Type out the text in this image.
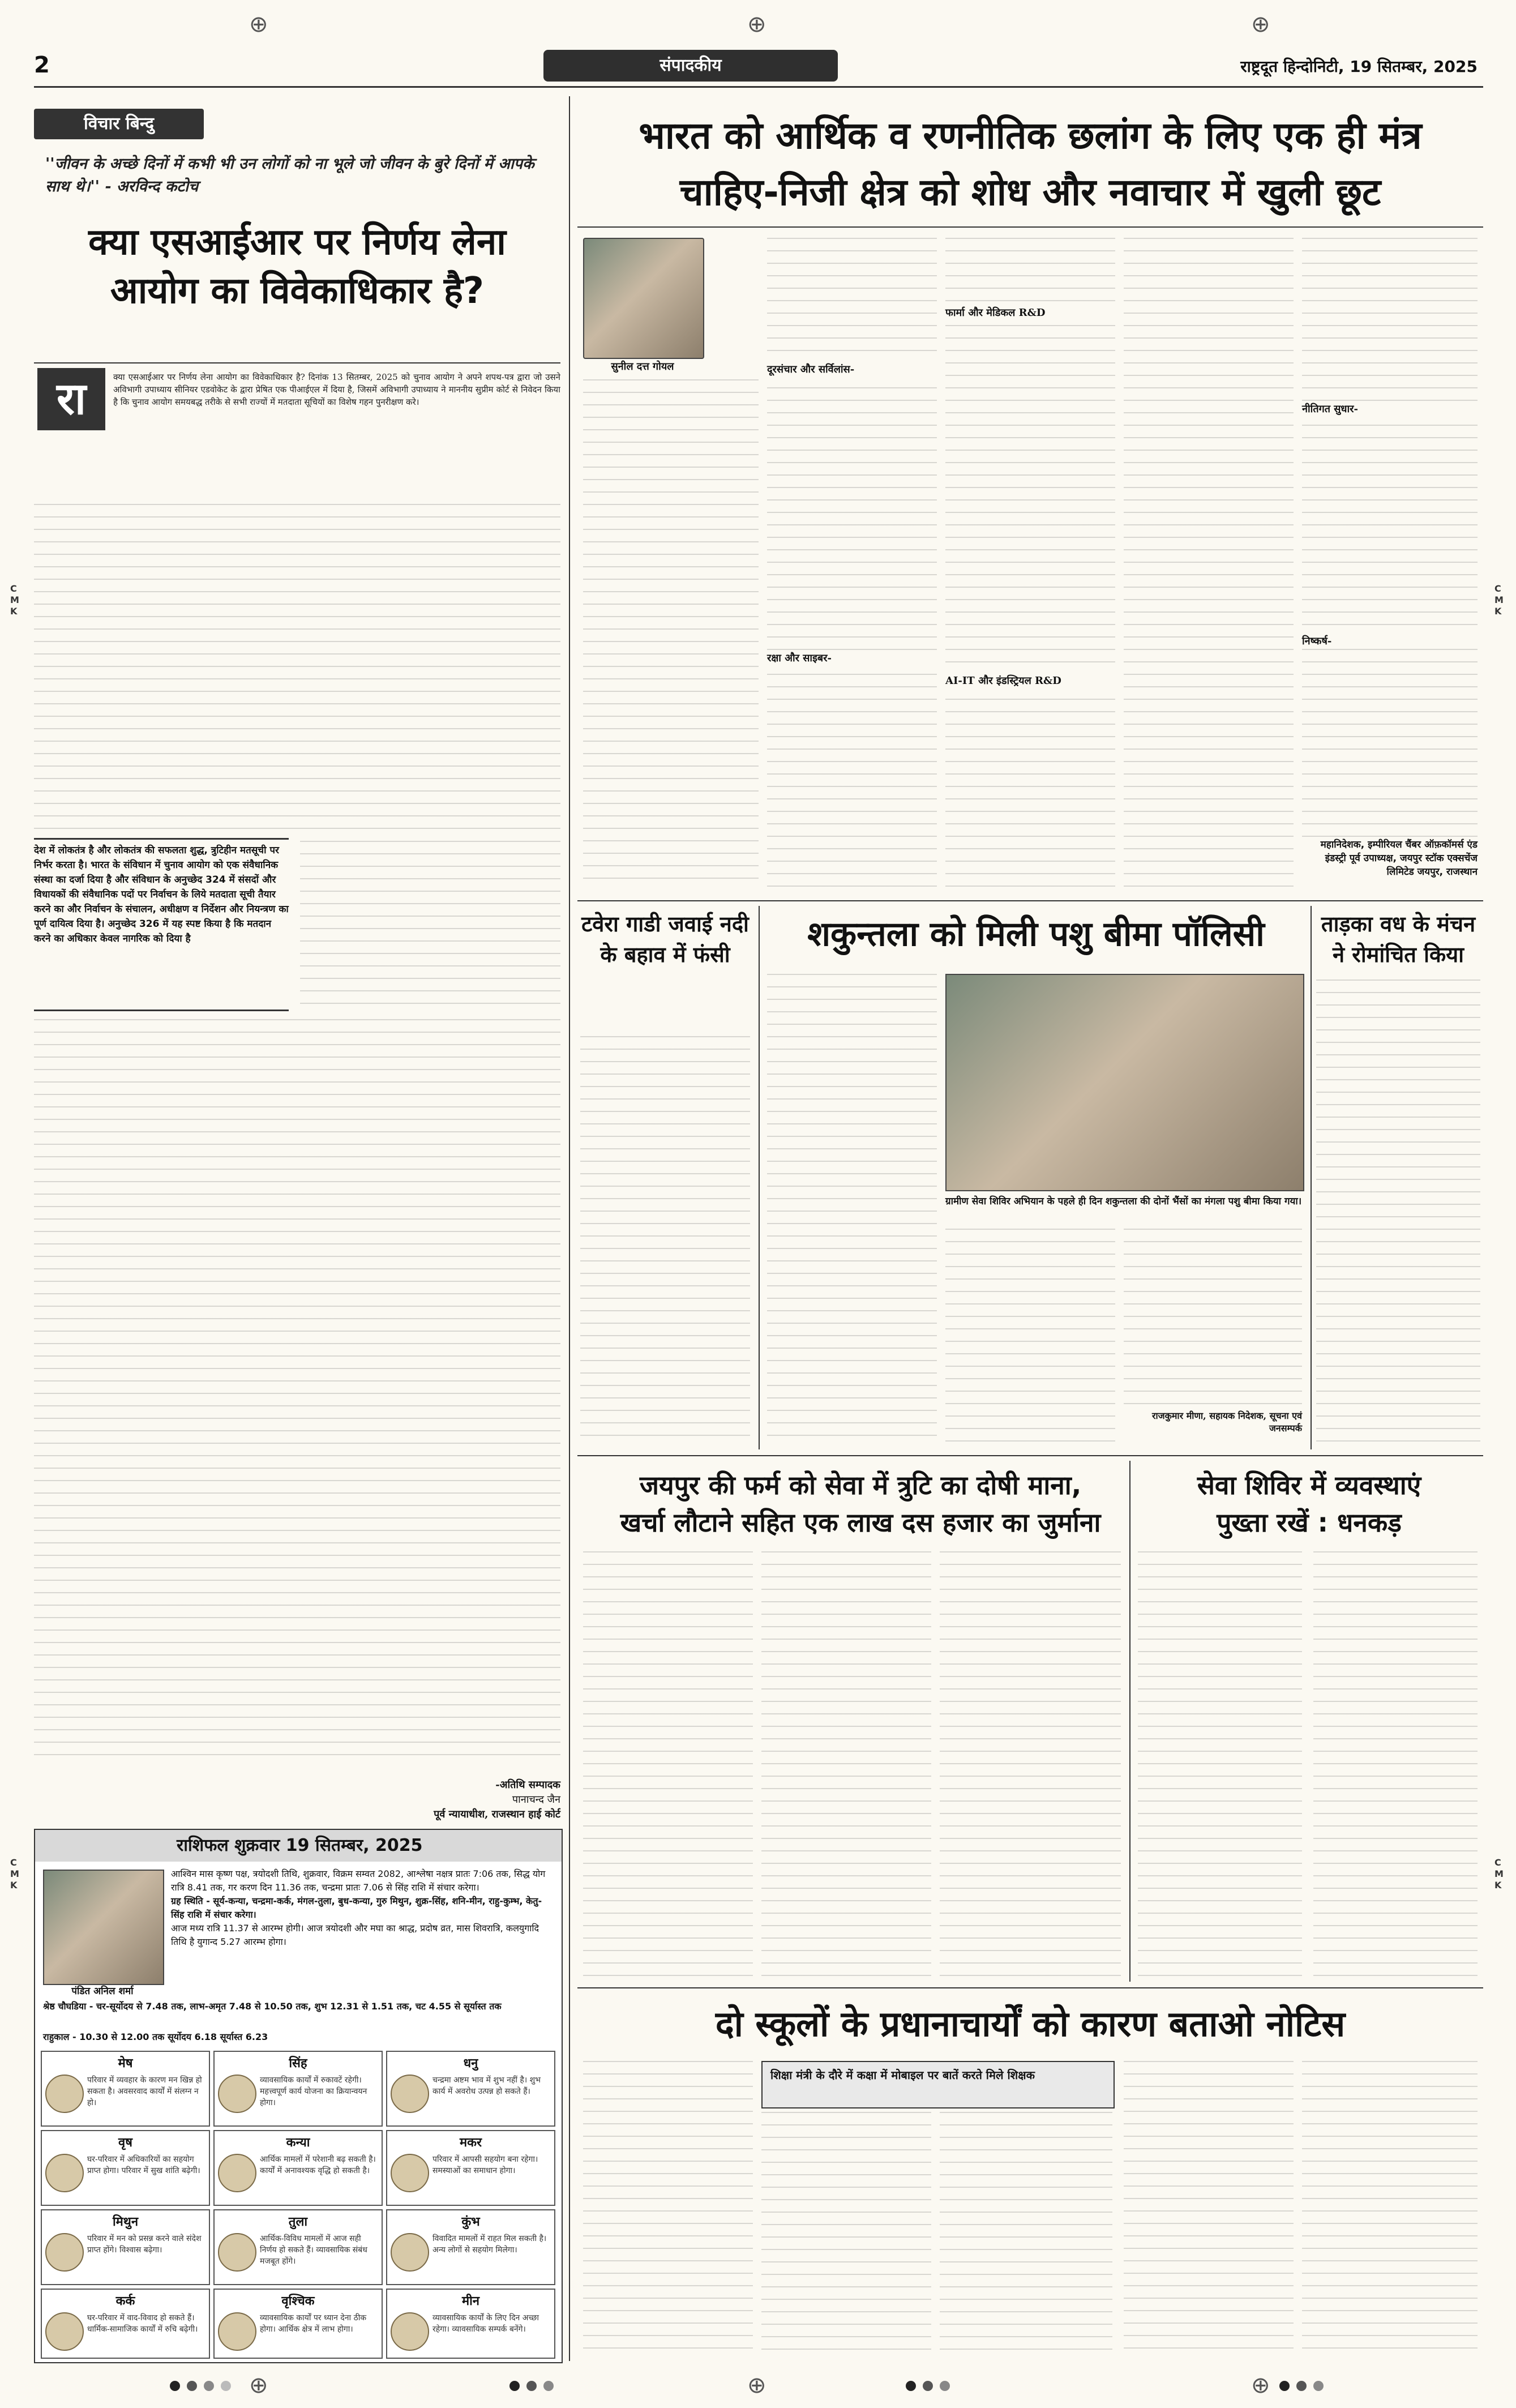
2	संपादकीय	राष्ट्रदूत हिन्दोनिटी, 19 सितम्बर, 2025
⊕	⊕	⊕
⊕	⊕	⊕
विचार बिन्दु
''जीवन के अच्छे दिनों में कभी भी उन लोगों को ना भूले जो जीवन के बुरे दिनों में आपके साथ थे।'' - अरविन्द कटोच
क्या एसआईआर पर निर्णय लेना
आयोग का विवेकाधिकार है?
रा	क्या एसआईआर पर निर्णय लेना आयोग का विवेकाधिकार है? दिनांक 13 सितम्बर, 2025 को चुनाव आयोग ने अपने शपथ-पत्र द्वारा जो उसने अविभागी उपाध्याय सीनियर एडवोकेट के द्वारा प्रेषित एक पीआईएल में दिया है, जिसमें अविभागी उपाध्याय ने माननीय सुप्रीम कोर्ट से निवेदन किया है कि चुनाव आयोग समयबद्ध तरीके से सभी राज्यों में मतदाता सूचियों का विशेष गहन पुनरीक्षण करे।
देश में लोकतंत्र है और लोकतंत्र की सफलता शुद्ध, त्रुटिहीन मतसूची पर निर्भर करता है। भारत के संविधान में चुनाव आयोग को एक संवैधानिक संस्था का दर्जा दिया है और संविधान के अनुच्छेद 324 में संसदों और विधायकों की संवैधानिक पदों पर निर्वाचन के लिये मतदाता सूची तैयार करने का और निर्वाचन के संचालन, अधीक्षण व निर्देशन और नियन्त्रण का पूर्ण दायित्व दिया है। अनुच्छेद 326 में यह स्पष्ट किया है कि मतदान करने का अधिकार केवल नागरिक को दिया है
-अतिथि सम्पादक
पानाचन्द जैन
पूर्व न्यायाधीश, राजस्थान हाई कोर्ट
राशिफल शुक्रवार 19 सितम्बर, 2025
पंडित अनिल शर्मा
आश्विन मास कृष्ण पक्ष, त्रयोदशी तिथि, शुक्रवार, विक्रम सम्वत 2082, आश्लेषा नक्षत्र प्रातः 7:06 तक, सिद्ध योग रात्रि 8.41 तक, गर करण दिन 11.36 तक, चन्द्रमा प्रातः 7.06 से सिंह राशि में संचार करेगा।
ग्रह स्थिति - सूर्य-कन्या, चन्द्रमा-कर्क, मंगल-तुला, बुध-कन्या, गुरु मिथुन, शुक्र-सिंह, शनि-मीन, राहु-कुम्भ, केतु-सिंह राशि में संचार करेगा।
आज मध्य रात्रि 11.37 से आरम्भ होगी। आज त्रयोदशी और मघा का श्राद्ध, प्रदोष व्रत, मास शिवरात्रि, कलयुगादि तिथि है युगान्द 5.27 आरम्भ होगा।
श्रेष्ठ चौघडिया - चर-सूर्योदय से 7.48 तक, लाभ-अमृत 7.48 से 10.50 तक, शुभ 12.31 से 1.51 तक, चट 4.55 से सूर्यास्त तक
राहुकाल - 10.30 से 12.00 तक सूर्योदय 6.18 सूर्यास्त 6.23
मेष
परिवार में व्यवहार के कारण मन खिन्न हो सकता है। अवसरवाद कार्यों में संलग्न न हो।
सिंह
व्यावसायिक कार्यों में रुकावटें रहेगी। महत्त्वपूर्ण कार्य योजना का क्रियान्वयन होगा।
धनु
चन्द्रमा अष्टम भाव में शुभ नहीं है। शुभ कार्य में अवरोध उत्पन्न हो सकते हैं।
वृष
घर-परिवार में अधिकारियों का सहयोग प्राप्त होगा। परिवार में सुख शांति बढ़ेगी।
कन्या
आर्थिक मामलों में परेशानी बढ़ सकती है। कार्यों में अनावश्यक वृद्धि हो सकती है।
मकर
परिवार में आपसी सहयोग बना रहेगा। समस्याओं का समाधान होगा।
मिथुन
परिवार में मन को प्रसन्न करने वाले संदेश प्राप्त होंगे। विश्वास बढ़ेगा।
तुला
आर्थिक-विविध मामलों में आज सही निर्णय हो सकते हैं। व्यावसायिक संबंध मजबूत होंगे।
कुंभ
विवादित मामलों में राहत मिल सकती है। अन्य लोगों से सहयोग मिलेगा।
कर्क
घर-परिवार में वाद-विवाद हो सकते हैं। धार्मिक-सामाजिक कार्यों में रुचि बढ़ेगी।
वृश्चिक
व्यावसायिक कार्यों पर ध्यान देना ठीक होगा। आर्थिक क्षेत्र में लाभ होगा।
मीन
व्यावसायिक कार्यों के लिए दिन अच्छा रहेगा। व्यावसायिक सम्पर्क बनेंगे।
भारत को आर्थिक व रणनीतिक छलांग के लिए एक ही मंत्र
चाहिए-निजी क्षेत्र को शोध और नवाचार में खुली छूट
सुनील दत्त गोयल	दूरसंचार और सर्विलांस-
रक्षा और साइबर-
AI-IT और इंडस्ट्रियल R&D
फार्मा और मेडिकल R&D
नीतिगत सुधार-
निष्कर्ष-
महानिदेशक, इम्पीरियल चैंबर ऑफ़कॉमर्स एंड इंडस्ट्री पूर्व उपाध्यक्ष, जयपुर स्टॉक एक्सचेंज लिमिटेड जयपुर, राजस्थान
टवेरा गाडी जवाई नदी के बहाव में फंसी
शकुन्तला को मिली पशु बीमा पॉलिसी
ग्रामीण सेवा शिविर अभियान के पहले ही दिन शकुन्तला की दोनों भैंसों का मंगला पशु बीमा किया गया।
राजकुमार मीणा, सहायक निदेशक, सूचना एवं जनसम्पर्क
ताड़का वध के मंचन ने रोमांचित किया
जयपुर की फर्म को सेवा में त्रुटि का दोषी माना,
खर्चा लौटाने सहित एक लाख दस हजार का जुर्माना
सेवा शिविर में व्यवस्थाएं
पुख्ता रखें : धनकड़
दो स्कूलों के प्रधानाचार्यों को कारण बताओ नोटिस
शिक्षा मंत्री के दौरे में कक्षा में मोबाइल पर बातें करते मिले शिक्षक
C
M
K
C
M
K
C
M
K
C
M
K
